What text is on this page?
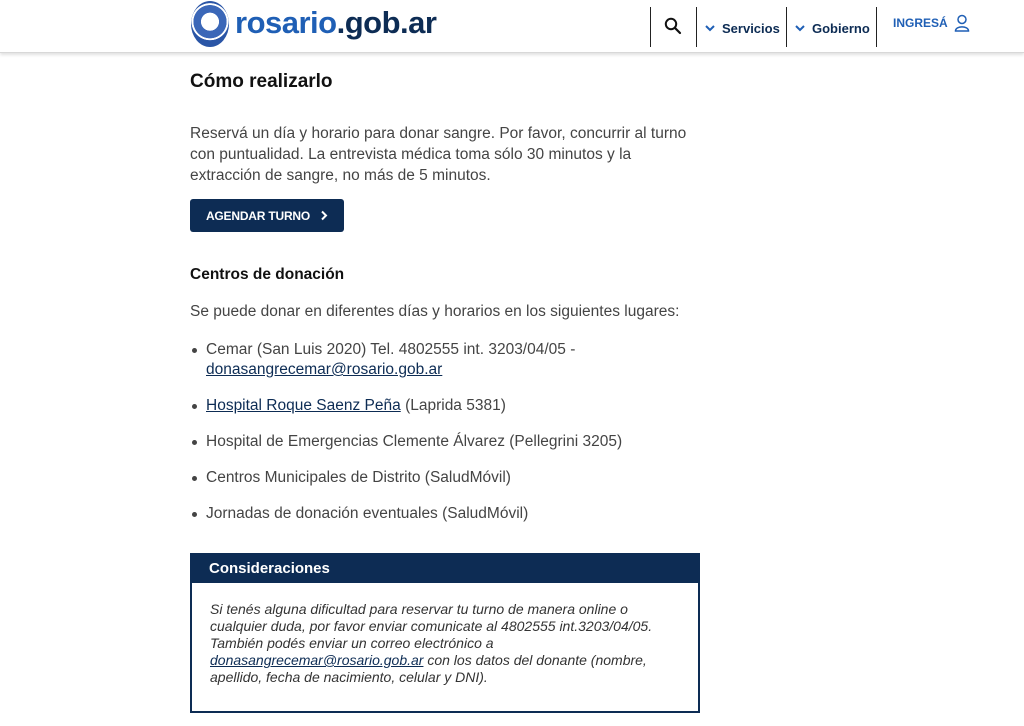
rosario.gob.ar	Servicios Gobierno INGRESÁ
Cómo realizarlo

Reservá un día y horario para donar sangre. Por favor, concurrir al turno con puntualidad. La entrevista médica toma sólo 30 minutos y la extracción de sangre, no más de 5 minutos.

AGENDAR TURNO
Centros de donación

Se puede donar en diferentes días y horarios en los siguientes lugares:

Cemar (San Luis 2020) Tel. 4802555 int. 3203/04/05 -
donasangrecemar@rosario.gob.ar
Hospital Roque Saenz Peña (Laprida 5381)
Hospital de Emergencias Clemente Álvarez (Pellegrini 3205)
Centros Municipales de Distrito (SaludMóvil)
Jornadas de donación eventuales (SaludMóvil)
Consideraciones

Si tenés alguna dificultad para reservar tu turno de manera online o cualquier duda, por favor enviar comunicate al 4802555 int.3203/04/05. También podés enviar un correo electrónico a donasangrecemar@rosario.gob.ar con los datos del donante (nombre, apellido, fecha de nacimiento, celular y DNI).
